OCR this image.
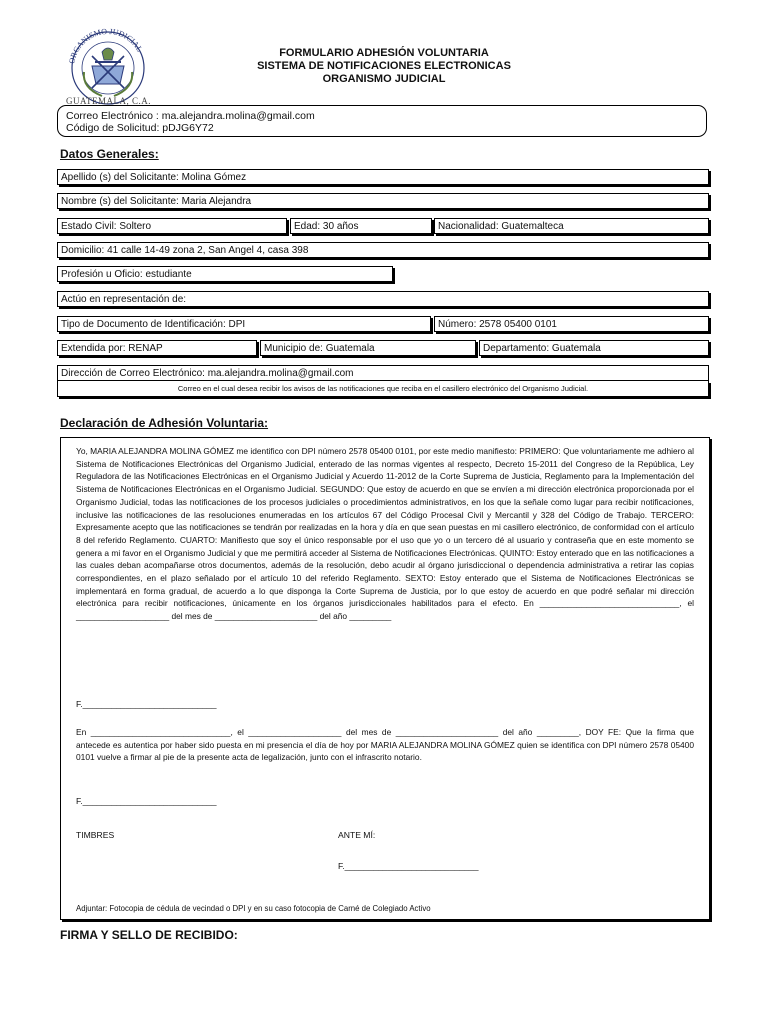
ORGANISMO JUDICIAL
GUATEMALA, C.A.
FORMULARIO ADHESIÓN VOLUNTARIA
SISTEMA DE NOTIFICACIONES ELECTRONICAS
ORGANISMO JUDICIAL
Correo Electrónico : ma.alejandra.molina@gmail.com
Código de Solicitud: pDJG6Y72
Datos Generales:
Apellido (s) del Solicitante: Molina Gómez
Nombre (s) del Solicitante: Maria Alejandra
Estado Civil: Soltero	Edad: 30 años	Nacionalidad: Guatemalteca
Domicilio: 41 calle 14-49 zona 2, San Angel 4, casa 398
Profesión u Oficio: estudiante
Actúo en representación de:
Tipo de Documento de Identificación: DPI	Número: 2578 05400 0101
Extendida por: RENAP	Municipio de: Guatemala	Departamento: Guatemala
Dirección de Correo Electrónico: ma.alejandra.molina@gmail.com
Correo en el cual desea recibir los avisos de las notificaciones que reciba en el casillero electrónico del Organismo Judicial.
Declaración de Adhesión Voluntaria:
Yo, MARIA ALEJANDRA MOLINA GÓMEZ me identifico con DPI número 2578 05400 0101, por este medio manifiesto: PRIMERO: Que voluntariamente me adhiero al Sistema de Notificaciones Electrónicas del Organismo Judicial, enterado de las normas vigentes al respecto, Decreto 15-2011 del Congreso de la República, Ley Reguladora de las Notificaciones Electrónicas en el Organismo Judicial y Acuerdo 11-2012 de la Corte Suprema de Justicia, Reglamento para la Implementación del Sistema de Notificaciones Electrónicas en el Organismo Judicial. SEGUNDO: Que estoy de acuerdo en que se envíen a mi dirección electrónica proporcionada por el Organismo Judicial, todas las notificaciones de los procesos judiciales o procedimientos administrativos, en los que la señale como lugar para recibir notificaciones, inclusive las notificaciones de las resoluciones enumeradas en los artículos 67 del Código Procesal Civil y Mercantil y 328 del Código de Trabajo. TERCERO: Expresamente acepto que las notificaciones se tendrán por realizadas en la hora y día en que sean puestas en mi casillero electrónico, de conformidad con el artículo 8 del referido Reglamento. CUARTO: Manifiesto que soy el único responsable por el uso que yo o un tercero dé al usuario y contraseña que en este momento se genera a mi favor en el Organismo Judicial y que me permitirá acceder al Sistema de Notificaciones Electrónicas. QUINTO: Estoy enterado que en las notificaciones a las cuales deban acompañarse otros documentos, además de la resolución, debo acudir al órgano jurisdiccional o dependencia administrativa a retirar las copias correspondientes, en el plazo señalado por el artículo 10 del referido Reglamento. SEXTO: Estoy enterado que el Sistema de Notificaciones Electrónicas se implementará en forma gradual, de acuerdo a lo que disponga la Corte Suprema de Justicia, por lo que estoy de acuerdo en que podré señalar mi dirección electrónica para recibir notificaciones, únicamente en los órganos jurisdiccionales habilitados para el efecto. En ______________________________, el ____________________ del mes de ______________________ del año _________
F.____________________________
En ______________________________, el ____________________ del mes de ______________________ del año _________, DOY FE: Que la firma que antecede es autentica por haber sido puesta en mi presencia el día de hoy por MARIA ALEJANDRA MOLINA GÓMEZ quien se identifica con DPI número 2578 05400 0101 vuelve a firmar al pie de la presente acta de legalización, junto con el infrascrito notario.
F.____________________________
TIMBRES	ANTE MÍ:
F.____________________________
Adjuntar: Fotocopia de cédula de vecindad o DPI y en su caso fotocopia de Carné de Colegiado Activo
FIRMA Y SELLO DE RECIBIDO:
